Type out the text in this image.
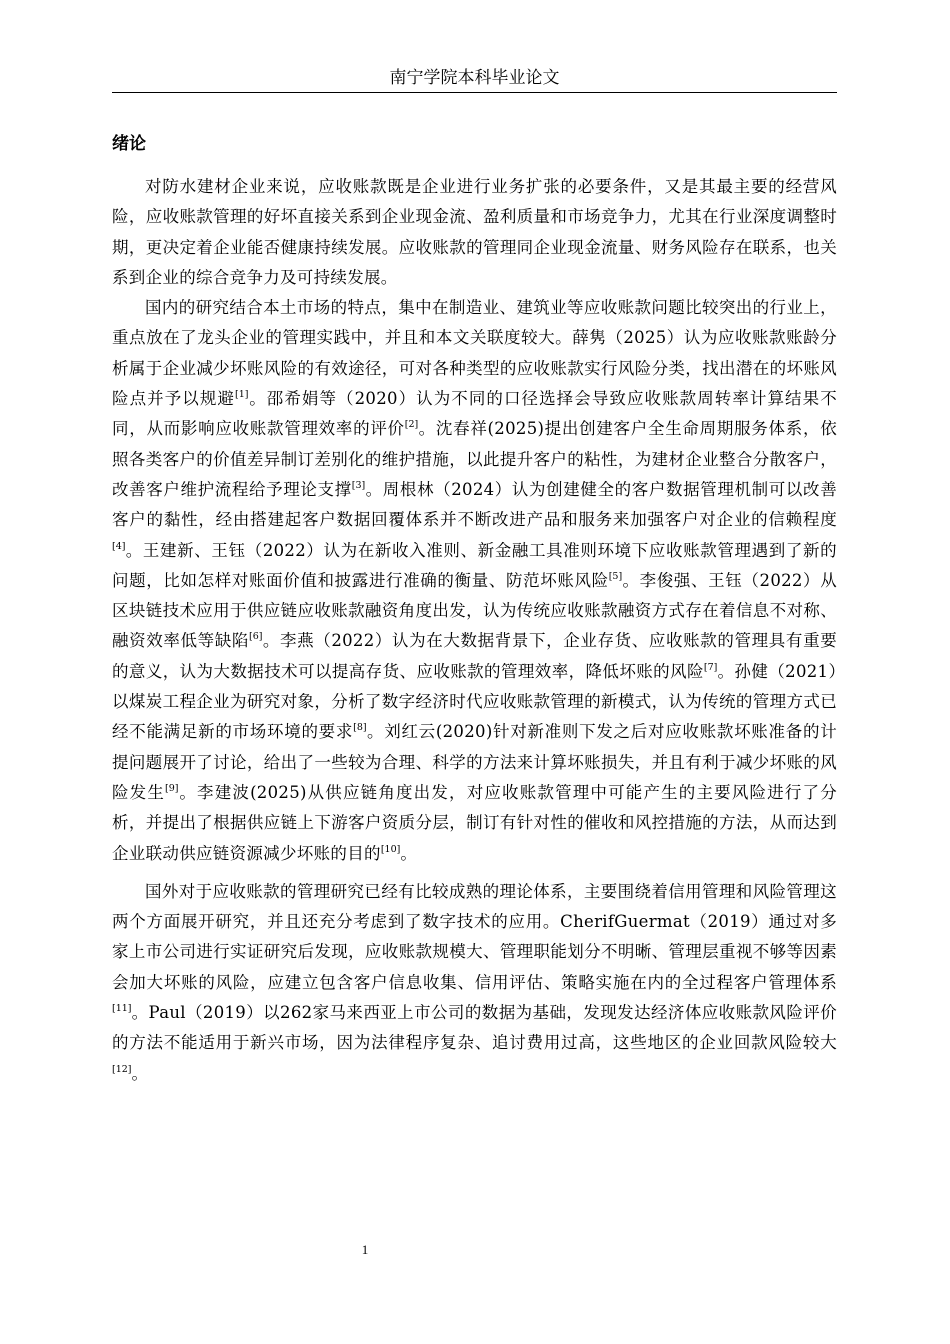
南宁学院本科毕业论文
绪论

对防水建材企业来说，应收账款既是企业进行业务扩张的必要条件，又是其最主要的经营风险，应收账款管理的好坏直接关系到企业现金流、盈利质量和市场竞争力，尤其在行业深度调整时期，更决定着企业能否健康持续发展。应收账款的管理同企业现金流量、财务风险存在联系，也关系到企业的综合竞争力及可持续发展。

国内的研究结合本土市场的特点，集中在制造业、建筑业等应收账款问题比较突出的行业上，重点放在了龙头企业的管理实践中，并且和本文关联度较大。薛隽（2025）认为应收账款账龄分析属于企业减少坏账风险的有效途径，可对各种类型的应收账款实行风险分类，找出潜在的坏账风险点并予以规避[1]。邵希娟等（2020）认为不同的口径选择会导致应收账款周转率计算结果不同，从而影响应收账款管理效率的评价[2]。沈春祥(2025)提出创建客户全生命周期服务体系，依照各类客户的价值差异制订差别化的维护措施，以此提升客户的粘性，为建材企业整合分散客户，改善客户维护流程给予理论支撑[3]。周根林（2024）认为创建健全的客户数据管理机制可以改善客户的黏性，经由搭建起客户数据回覆体系并不断改进产品和服务来加强客户对企业的信赖程度[4]。王建新、王钰（2022）认为在新收入准则、新金融工具准则环境下应收账款管理遇到了新的问题，比如怎样对账面价值和披露进行准确的衡量、防范坏账风险[5]。李俊强、王钰（2022）从区块链技术应用于供应链应收账款融资角度出发，认为传统应收账款融资方式存在着信息不对称、融资效率低等缺陷[6]。李燕（2022）认为在大数据背景下，企业存货、应收账款的管理具有重要的意义，认为大数据技术可以提高存货、应收账款的管理效率，降低坏账的风险[7]。孙健（2021）以煤炭工程企业为研究对象，分析了数字经济时代应收账款管理的新模式，认为传统的管理方式已经不能满足新的市场环境的要求[8]。刘红云(2020)针对新准则下发之后对应收账款坏账准备的计提问题展开了讨论，给出了一些较为合理、科学的方法来计算坏账损失，并且有利于减少坏账的风险发生[9]。李建波(2025)从供应链角度出发，对应收账款管理中可能产生的主要风险进行了分析，并提出了根据供应链上下游客户资质分层，制订有针对性的催收和风控措施的方法，从而达到企业联动供应链资源减少坏账的目的[10]。

国外对于应收账款的管理研究已经有比较成熟的理论体系，主要围绕着信用管理和风险管理这两个方面展开研究，并且还充分考虑到了数字技术的应用。CherifGuermat（2019）通过对多家上市公司进行实证研究后发现，应收账款规模大、管理职能划分不明晰、管理层重视不够等因素会加大坏账的风险，应建立包含客户信息收集、信用评估、策略实施在内的全过程客户管理体系[11]。Paul（2019）以262家马来西亚上市公司的数据为基础，发现发达经济体应收账款风险评价的方法不能适用于新兴市场，因为法律程序复杂、追讨费用过高，这些地区的企业回款风险较大[12]。

1
